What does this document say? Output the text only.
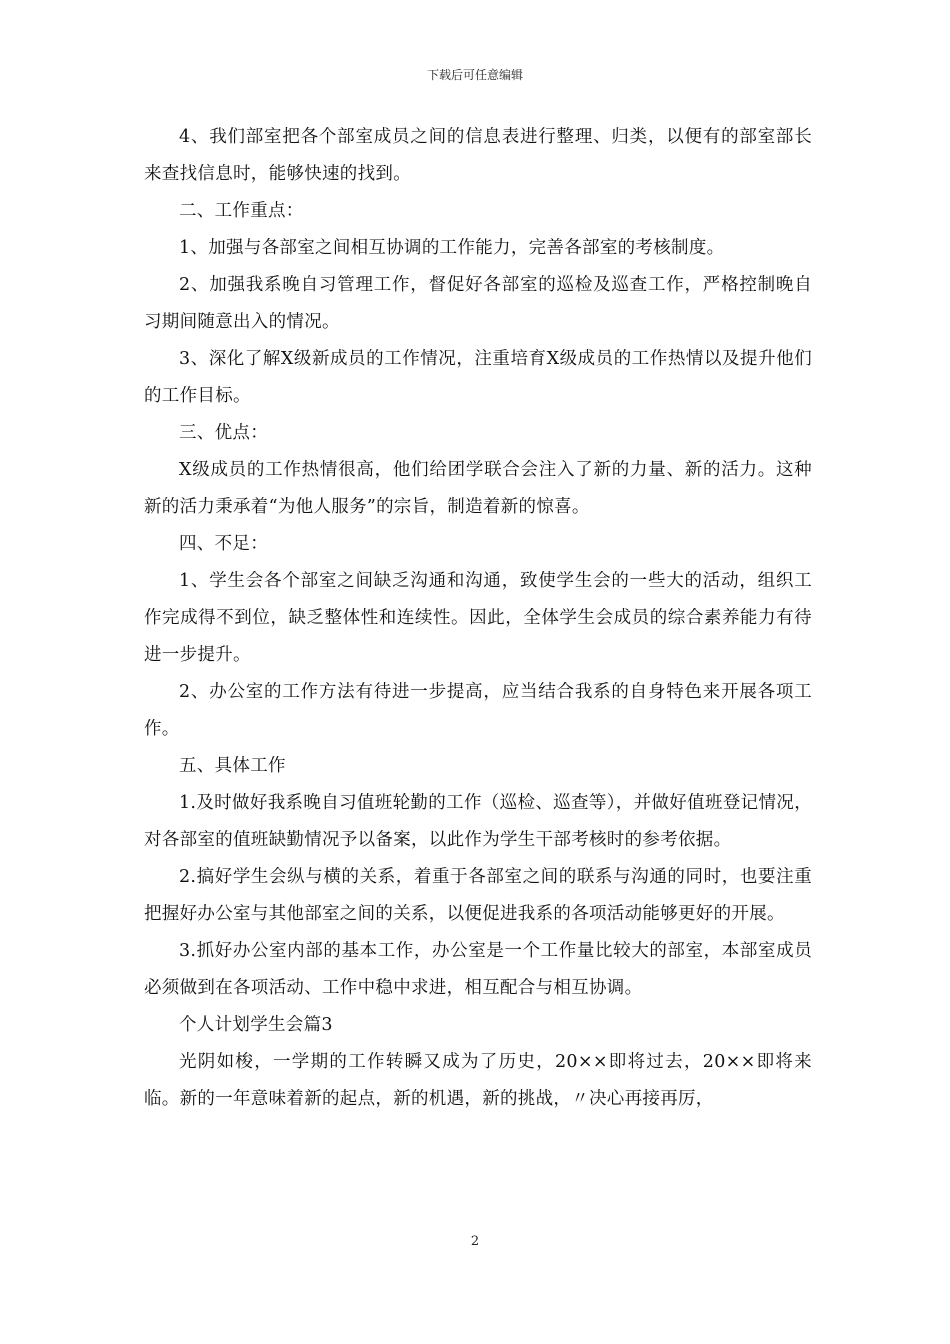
下载后可任意编辑

4、我们部室把各个部室成员之间的信息表进行整理、归类，以便有的部室部长来查找信息时，能够快速的找到。

二、工作重点：

1、加强与各部室之间相互协调的工作能力，完善各部室的考核制度。

2、加强我系晚自习管理工作，督促好各部室的巡检及巡查工作，严格控制晚自习期间随意出入的情况。

3、深化了解X级新成员的工作情况，注重培育X级成员的工作热情以及提升他们的工作目标。

三、优点：

X级成员的工作热情很高，他们给团学联合会注入了新的力量、新的活力。这种新的活力秉承着“为他人服务”的宗旨，制造着新的惊喜。

四、不足：

1、学生会各个部室之间缺乏沟通和沟通，致使学生会的一些大的活动，组织工作完成得不到位，缺乏整体性和连续性。因此，全体学生会成员的综合素养能力有待进一步提升。

2、办公室的工作方法有待进一步提高，应当结合我系的自身特色来开展各项工作。

五、具体工作

1.及时做好我系晚自习值班轮勤的工作（巡检、巡查等），并做好值班登记情况，对各部室的值班缺勤情况予以备案，以此作为学生干部考核时的参考依据。

2.搞好学生会纵与横的关系，着重于各部室之间的联系与沟通的同时，也要注重把握好办公室与其他部室之间的关系，以便促进我系的各项活动能够更好的开展。

3.抓好办公室内部的基本工作，办公室是一个工作量比较大的部室，本部室成员必须做到在各项活动、工作中稳中求进，相互配合与相互协调。

个人计划学生会篇3

光阴如梭，一学期的工作转瞬又成为了历史，20××即将过去，20××即将来临。新的一年意味着新的起点，新的机遇，新的挑战，〃决心再接再厉，

2
